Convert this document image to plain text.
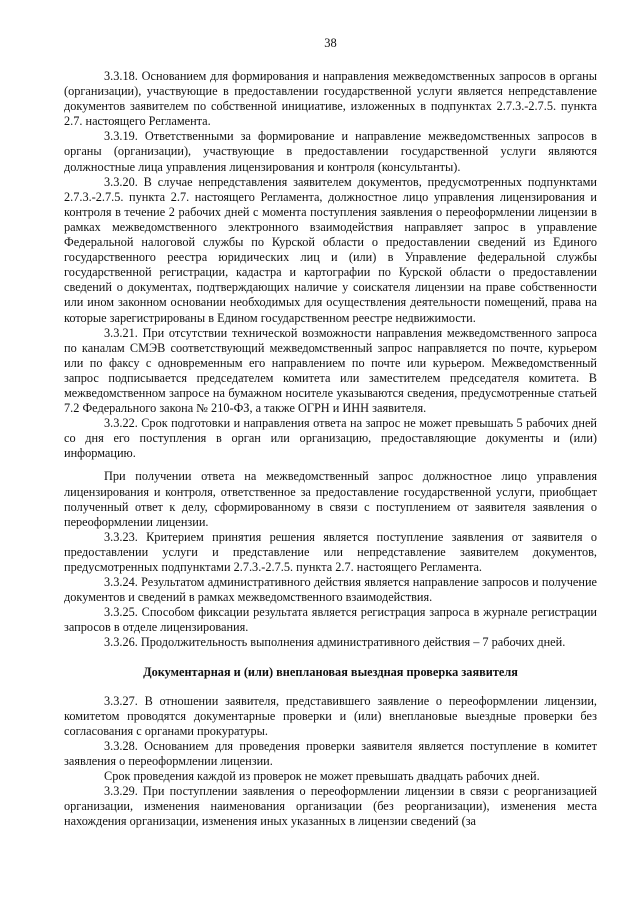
38

3.3.18. Основанием для формирования и направления межведомственных запросов в органы (организации), участвующие в предоставлении государственной услуги является непредставление документов заявителем по собственной инициативе, изложенных в подпунктах 2.7.3.-2.7.5. пункта 2.7. настоящего Регламента.

3.3.19. Ответственными за формирование и направление межведомственных запросов в органы (организации), участвующие в предоставлении государственной услуги являются должностные лица управления лицензирования и контроля (консультанты).

3.3.20. В случае непредставления заявителем документов, предусмотренных подпунктами 2.7.3.-2.7.5. пункта 2.7. настоящего Регламента, должностное лицо управления лицензирования и контроля в течение 2 рабочих дней с момента поступления заявления о переоформлении лицензии в рамках межведомственного электронного взаимодействия направляет запрос в управление Федеральной налоговой службы по Курской области о предоставлении сведений из Единого государственного реестра юридических лиц и (или) в Управление федеральной службы государственной регистрации, кадастра и картографии по Курской области о предоставлении сведений о документах, подтверждающих наличие у соискателя лицензии на праве собственности или ином законном основании необходимых для осуществления деятельности помещений, права на которые зарегистрированы в Едином государственном реестре недвижимости.

3.3.21. При отсутствии технической возможности направления межведомственного запроса по каналам СМЭВ соответствующий межведомственный запрос направляется по почте, курьером или по факсу с одновременным его направлением по почте или курьером. Межведомственный запрос подписывается председателем комитета или заместителем председателя комитета. В межведомственном запросе на бумажном носителе указываются сведения, предусмотренные статьей 7.2 Федерального закона № 210-ФЗ, а также ОГРН и ИНН заявителя.

3.3.22. Срок подготовки и направления ответа на запрос не может превышать 5 рабочих дней со дня его поступления в орган или организацию, предоставляющие документы и (или) информацию.

При получении ответа на межведомственный запрос должностное лицо управления лицензирования и контроля, ответственное за предоставление государственной услуги, приобщает полученный ответ к делу, сформированному в связи с поступлением от заявителя заявления о переоформлении лицензии.

3.3.23. Критерием принятия решения является поступление заявления от заявителя о предоставлении услуги и представление или непредставление заявителем документов, предусмотренных подпунктами 2.7.3.-2.7.5. пункта 2.7. настоящего Регламента.

3.3.24. Результатом административного действия является направление запросов и получение документов и сведений в рамках межведомственного взаимодействия.

3.3.25. Способом фиксации результата является регистрация запроса в журнале регистрации запросов в отделе лицензирования.

3.3.26. Продолжительность выполнения административного действия – 7 рабочих дней.

Документарная и (или) внеплановая выездная проверка заявителя

3.3.27. В отношении заявителя, представившего заявление о переоформлении лицензии, комитетом проводятся документарные проверки и (или) внеплановые выездные проверки без согласования с органами прокуратуры.

3.3.28. Основанием для проведения проверки заявителя является поступление в комитет заявления о переоформлении лицензии.

Срок проведения каждой из проверок не может превышать двадцать рабочих дней.

3.3.29. При поступлении заявления о переоформлении лицензии в связи с реорганизацией организации, изменения наименования организации (без реорганизации), изменения места нахождения организации, изменения иных указанных в лицензии сведений (за
